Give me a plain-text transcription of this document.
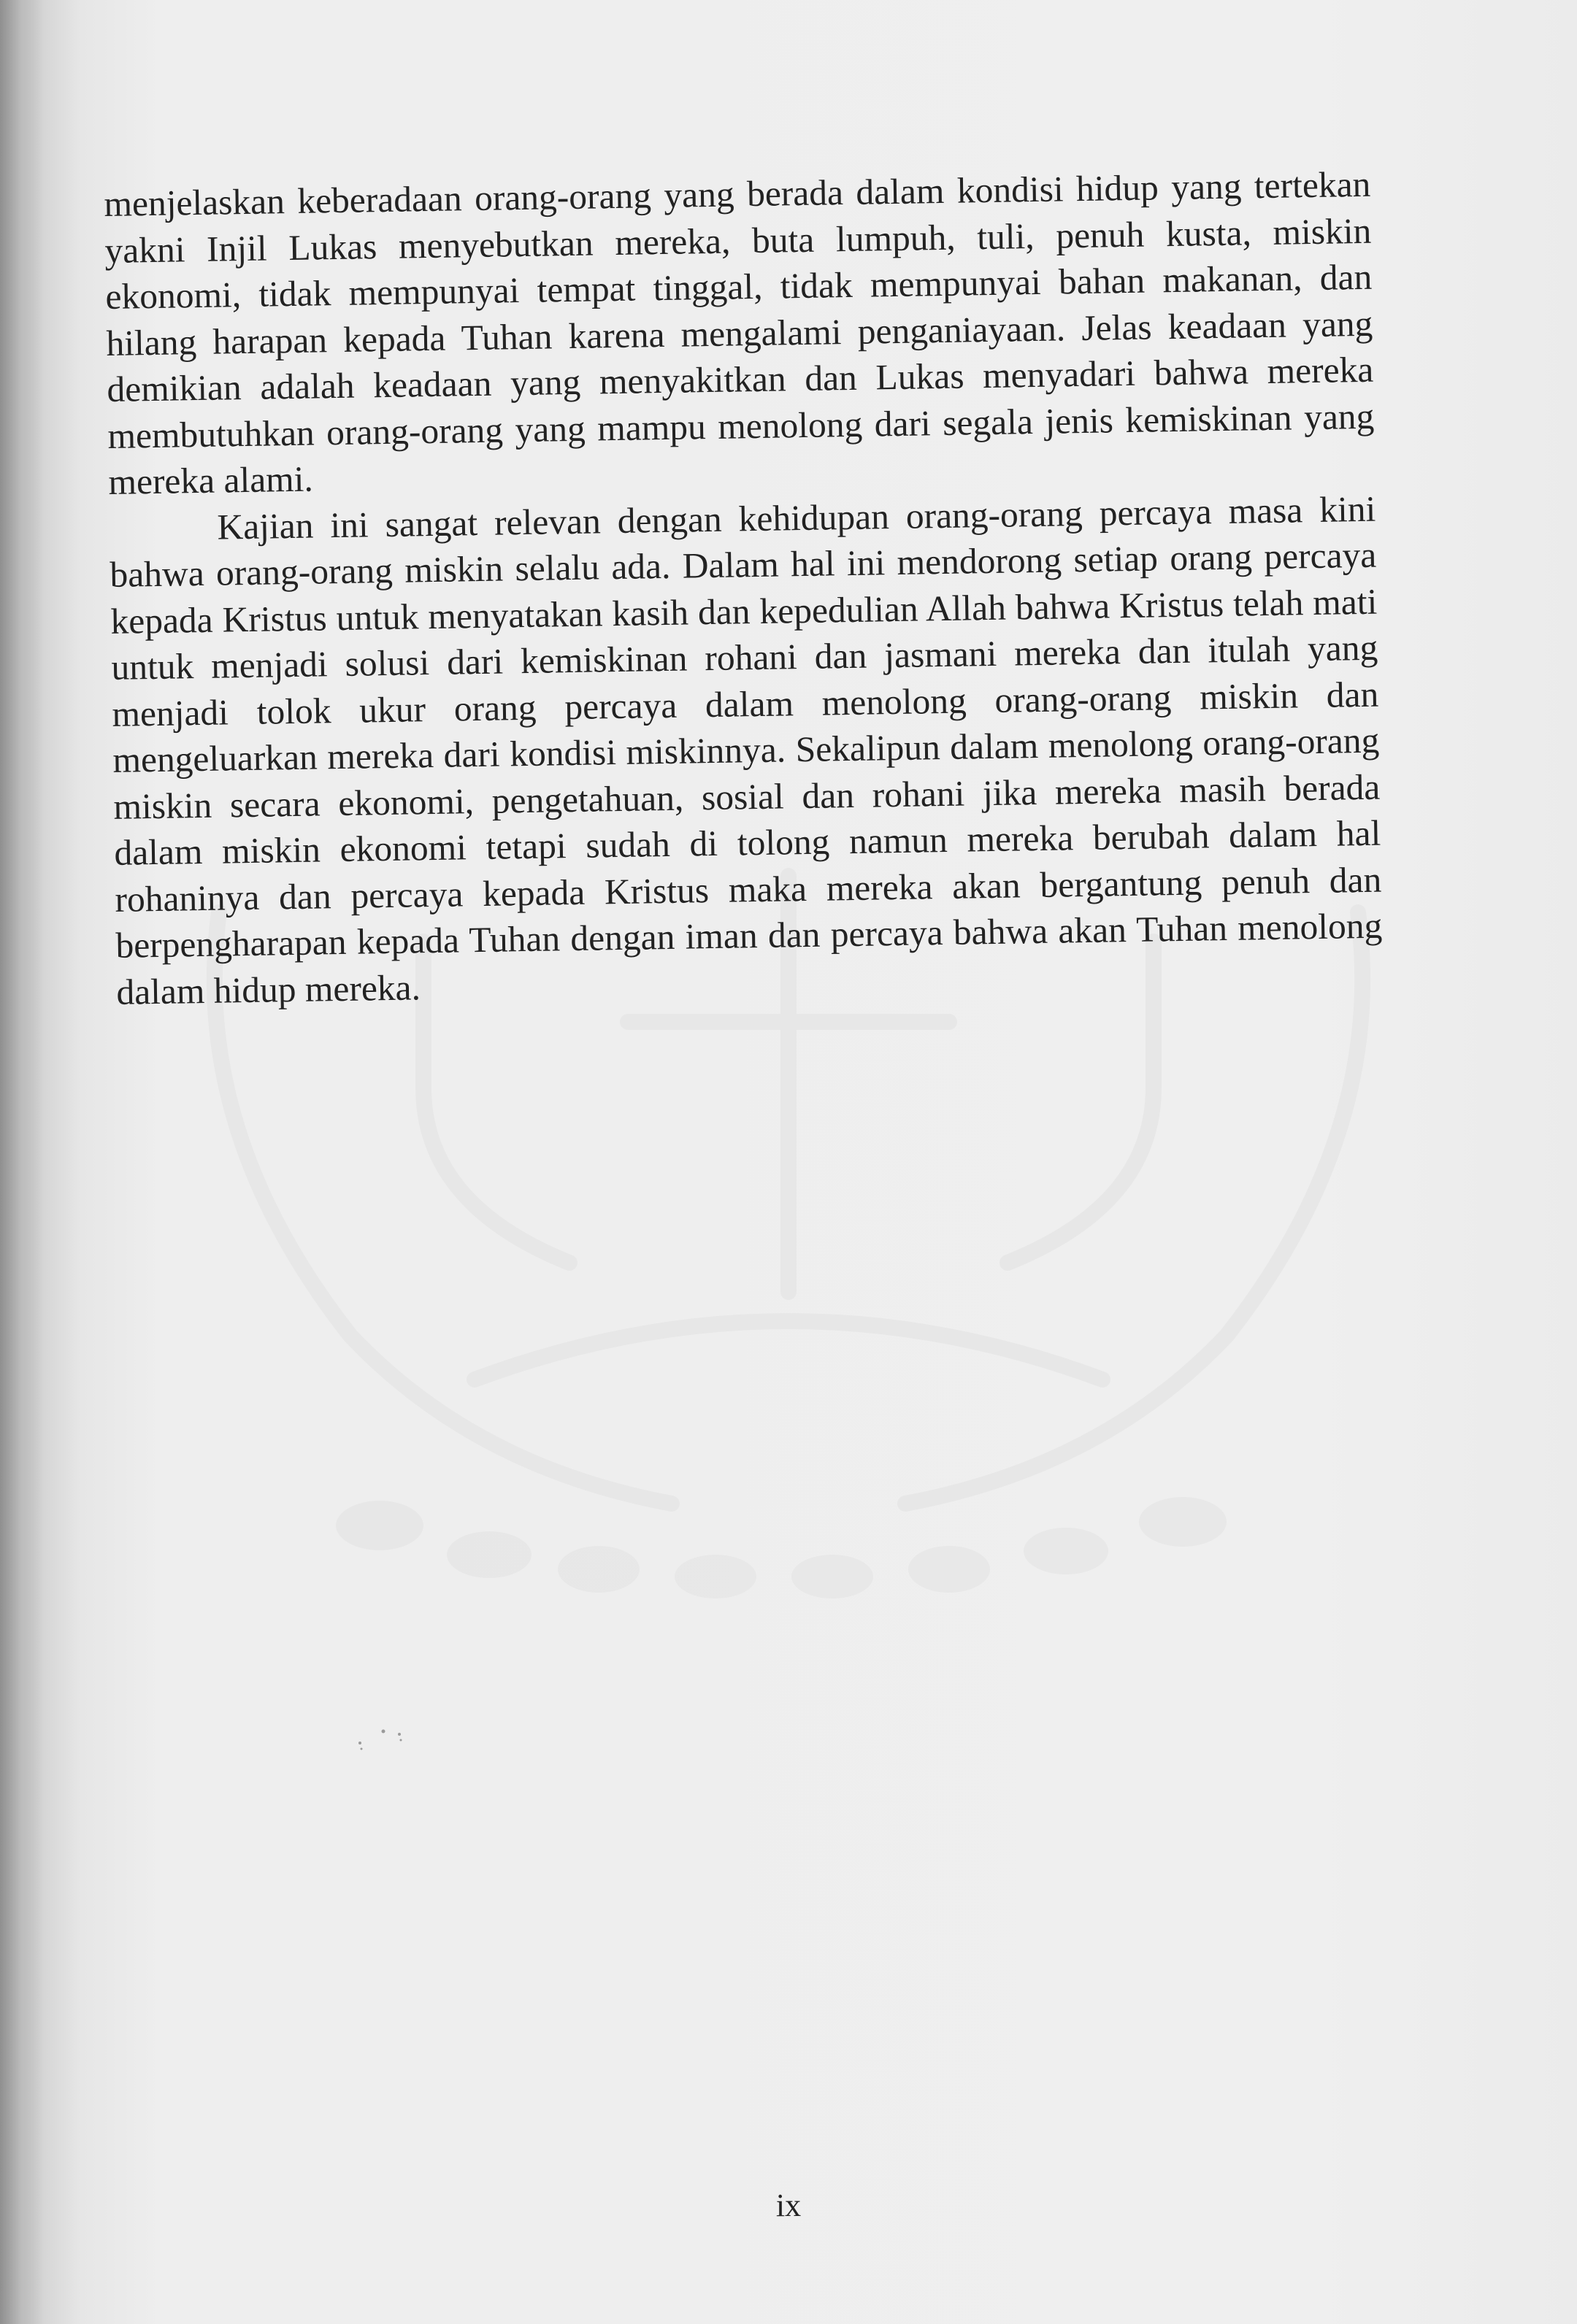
menjelaskan keberadaan orang-orang yang berada dalam kondisi hidup yang tertekan yakni Injil Lukas menyebutkan mereka, buta lumpuh, tuli, penuh kusta, miskin ekonomi, tidak mempunyai tempat tinggal, tidak mempunyai bahan makanan, dan hilang harapan kepada Tuhan karena mengalami penganiayaan. Jelas keadaan yang demikian adalah keadaan yang menyakitkan dan Lukas menyadari bahwa mereka membutuhkan orang-orang yang mampu menolong dari segala jenis kemiskinan yang mereka alami.

Kajian ini sangat relevan dengan kehidupan orang-orang percaya masa kini bahwa orang-orang miskin selalu ada. Dalam hal ini mendorong setiap orang percaya kepada Kristus untuk menyatakan kasih dan kepedulian Allah bahwa Kristus telah mati untuk menjadi solusi dari kemiskinan rohani dan jasmani mereka dan itulah yang menjadi tolok ukur orang percaya dalam menolong orang-orang miskin dan mengeluarkan mereka dari kondisi miskinnya. Sekalipun dalam menolong orang-orang miskin secara ekonomi, pengetahuan, sosial dan rohani jika mereka masih berada dalam miskin ekonomi tetapi sudah di tolong namun mereka berubah dalam hal rohaninya dan percaya kepada Kristus maka mereka akan bergantung penuh dan berpengharapan kepada Tuhan dengan iman dan percaya bahwa akan Tuhan menolong dalam hidup mereka.

ix
